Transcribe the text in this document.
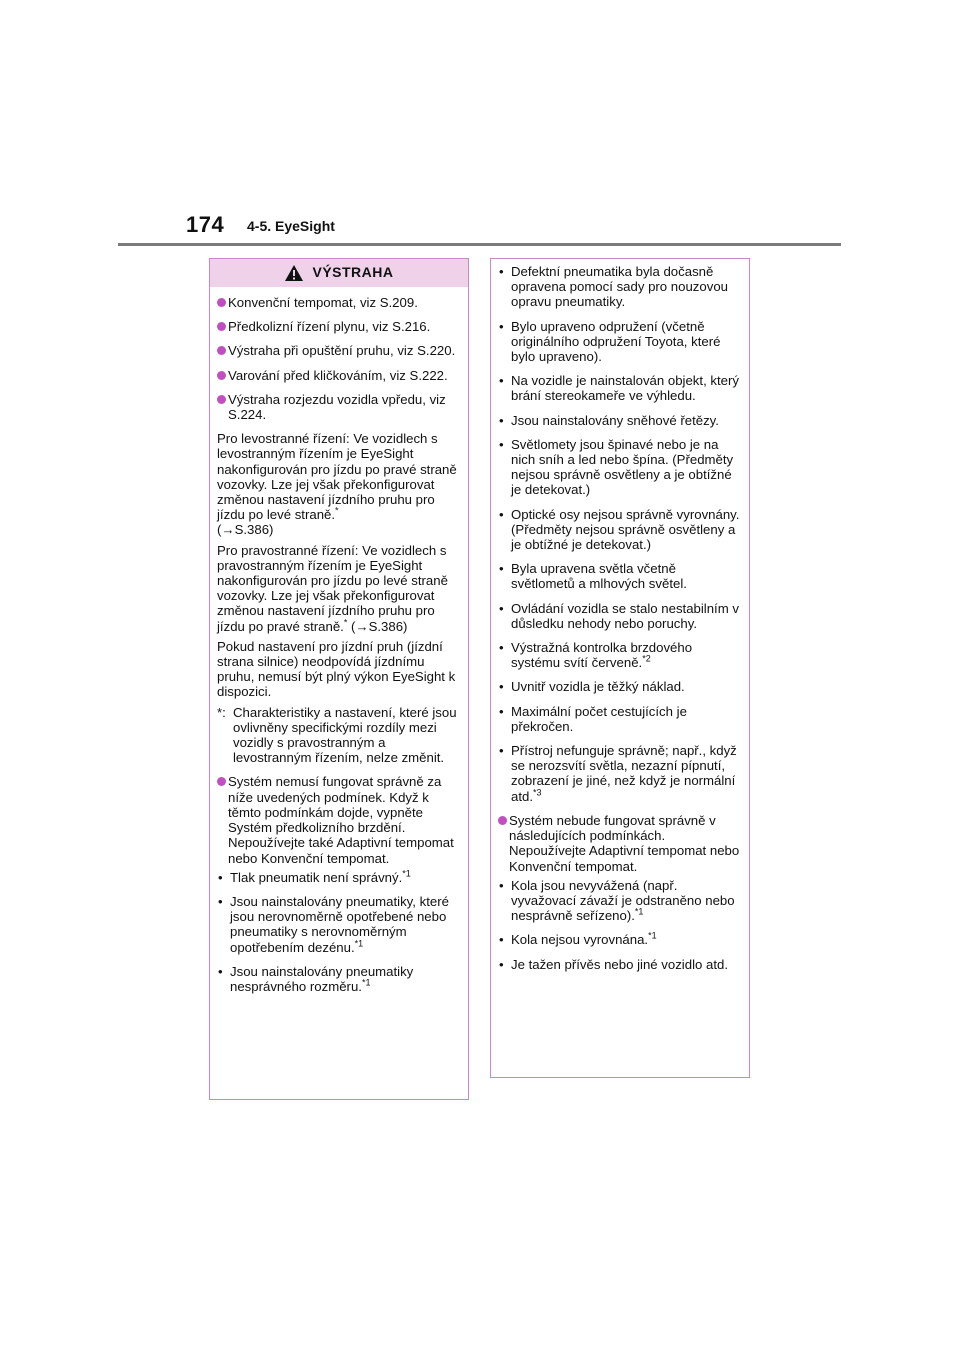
174 4-5. EyeSight
VÝSTRAHA
Konvenční tempomat, viz S.209.
Předkolizní řízení plynu, viz S.216.
Výstraha při opuštění pruhu, viz S.220.
Varování před kličkováním, viz S.222.
Výstraha rozjezdu vozidla vpředu, viz S.224.
Pro levostranné řízení: Ve vozidlech s levostranným řízením je EyeSight nakonfigurován pro jízdu po pravé straně vozovky. Lze jej však překonfigurovat změnou nastavení jízdního pruhu pro jízdu po levé straně.*
(→S.386)
Pro pravostranné řízení: Ve vozidlech s pravostranným řízením je EyeSight nakonfigurován pro jízdu po levé straně vozovky. Lze jej však překonfigurovat změnou nastavení jízdního pruhu pro jízdu po pravé straně.* (→S.386)
Pokud nastavení pro jízdní pruh (jízdní strana silnice) neodpovídá jízdnímu pruhu, nemusí být plný výkon EyeSight k dispozici.
*: Charakteristiky a nastavení, které jsou ovlivněny specifickými rozdíly mezi vozidly s pravostranným a levostranným řízením, nelze změnit.
Systém nemusí fungovat správně za níže uvedených podmínek. Když k těmto podmínkám dojde, vypněte Systém předkolizního brzdění. Nepoužívejte také Adaptivní tempomat nebo Konvenční tempomat.
• Tlak pneumatik není správný.$^{*1}$
• Jsou nainstalovány pneumatiky, které jsou nerovnoměrně opotřebené nebo pneumatiky s nerovnoměrným opotřebením dezénu.$^{*1}$
• Jsou nainstalovány pneumatiky nesprávného rozměru.$^{*1}$
• Defektní pneumatika byla dočasně opravena pomocí sady pro nouzovou opravu pneumatiky.
• Bylo upraveno odpružení (včetně originálního odpružení Toyota, které bylo upraveno).
• Na vozidle je nainstalován objekt, který brání stereokameře ve výhledu.
• Jsou nainstalovány sněhové řetězy.
• Světlomety jsou špinavé nebo je na nich sníh a led nebo špína. (Předměty nejsou správně osvětleny a je obtížné je detekovat.)
• Optické osy nejsou správně vyrovnány. (Předměty nejsou správně osvětleny a je obtížné je detekovat.)
• Byla upravena světla včetně světlometů a mlhových světel.
• Ovládání vozidla se stalo nestabilním v důsledku nehody nebo poruchy.
• Výstražná kontrolka brzdového systému svítí červeně.$^{*2}$
• Uvnitř vozidla je těžký náklad.
• Maximální počet cestujících je překročen.
• Přístroj nefunguje správně; např., když se nerozsvítí světla, nezazní pípnutí, zobrazení je jiné, než když je normální atd.$^{*3}$
Systém nebude fungovat správně v následujících podmínkách. Nepoužívejte Adaptivní tempomat nebo Konvenční tempomat.
• Kola jsou nevyvážená (např. vyvažovací závaží je odstraněno nebo nesprávně seřízeno).$^{*1}$
• Kola nejsou vyrovnána.$^{*1}$
• Je tažen přívěs nebo jiné vozidlo atd.
